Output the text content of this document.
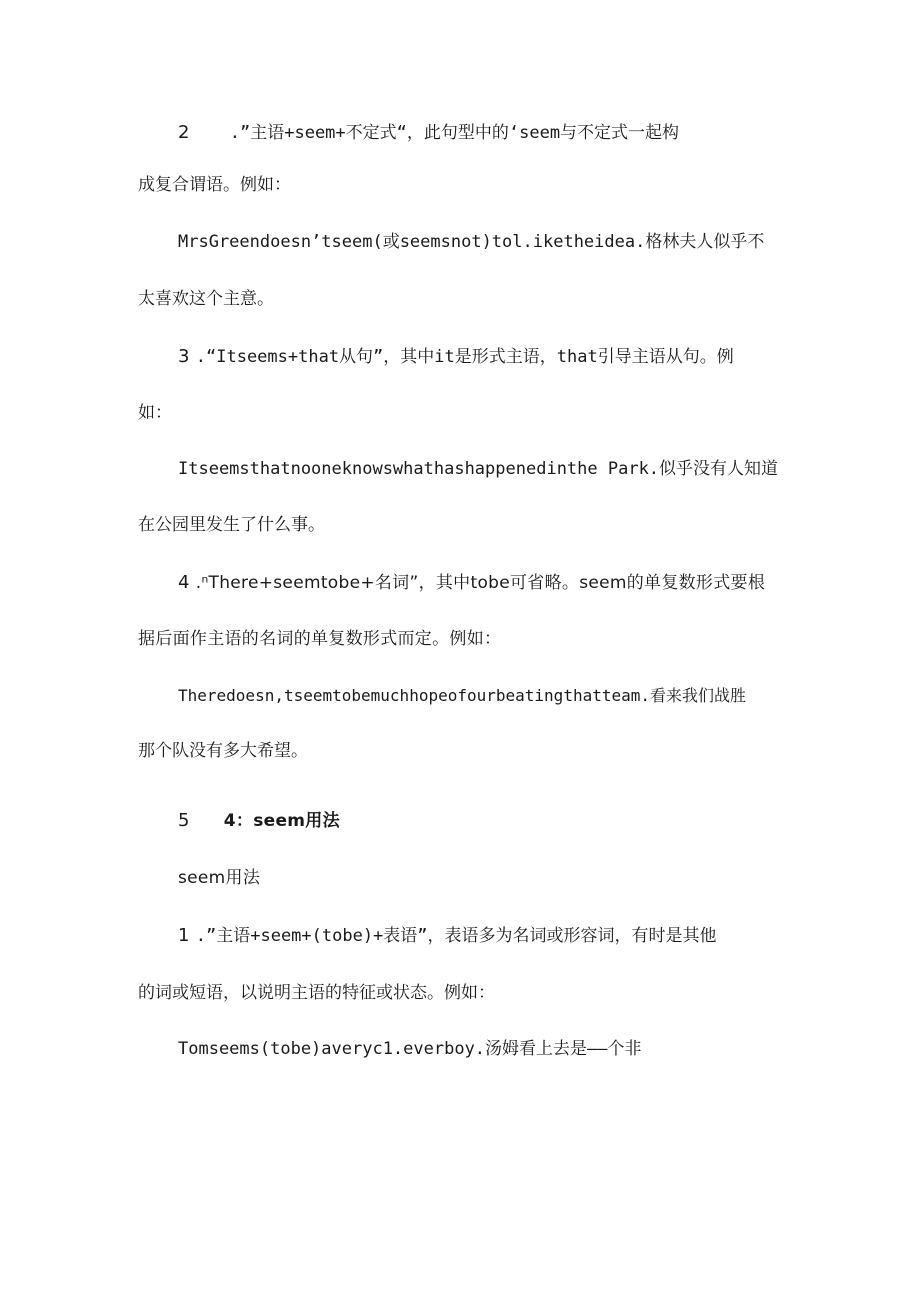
2 .”主语+seem+不定式“，此句型中的‘seem与不定式一起构
成复合谓语。例如：
MrsGreendoesn’tseem(或seemsnot)tol.iketheidea.格林夫人似乎不
太喜欢这个主意。
3 .“Itseems+that从句”，其中it是形式主语，that引导主语从句。例
如：
Itseemsthatnooneknowswhathashappenedinthe Park.似乎没有人知道
在公园里发生了什么事。
4 .ⁿThere+seemtobe+名词”，其中tobe可省略。seem的单复数形式要根
据后面作主语的名词的单复数形式而定。例如：
Theredoesn,tseemtobemuchhopeofourbeatingthatteam.看来我们战胜
那个队没有多大希望。
5 4：seem用法
seem用法
1 .”主语+seem+(tobe)+表语”，表语多为名词或形容词，有时是其他
的词或短语，以说明主语的特征或状态。例如：
Tomseems(tobe)averyc1.everboy.汤姆看上去是——个非
